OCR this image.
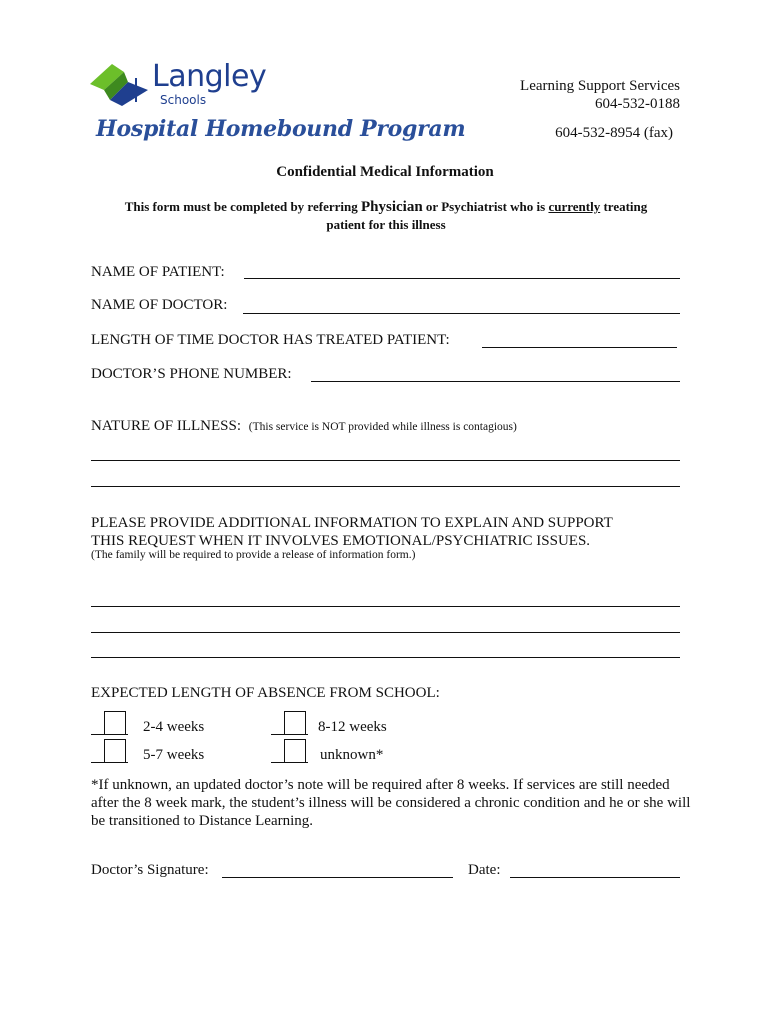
Langley
Schools
Hospital Homebound Program
Learning Support Services
604-532-0188
604-532-8954 (fax)
Confidential Medical Information
This form must be completed by referring Physician or Psychiatrist who is currently treating
patient for this illness
NAME OF PATIENT:
NAME OF DOCTOR:
LENGTH OF TIME DOCTOR HAS TREATED PATIENT:
DOCTOR’S PHONE NUMBER:
NATURE OF ILLNESS: (This service is NOT provided while illness is contagious)
PLEASE PROVIDE ADDITIONAL INFORMATION TO EXPLAIN AND SUPPORT
THIS REQUEST WHEN IT INVOLVES EMOTIONAL/PSYCHIATRIC ISSUES.
(The family will be required to provide a release of information form.)
EXPECTED LENGTH OF ABSENCE FROM SCHOOL:
2-4 weeks
5-7 weeks
8-12 weeks
unknown*
*If unknown, an updated doctor’s note will be required after 8 weeks. If services are still needed after the 8 week mark, the student’s illness will be considered a chronic condition and he or she will be transitioned to Distance Learning.
Doctor’s Signature:	Date:
